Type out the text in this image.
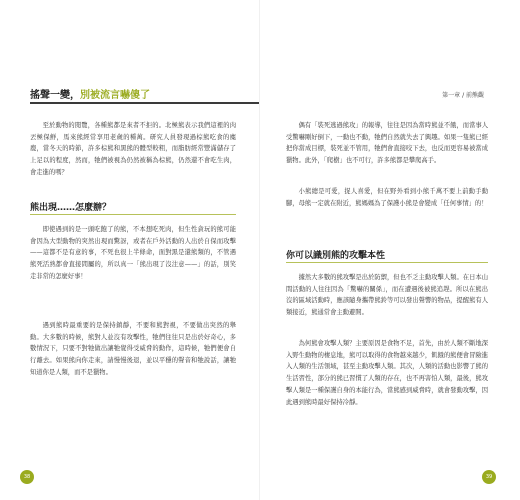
搖聲一變，別被流言嚇傻了
至於動物的閱覽，各種熊都是來者不拒的。北極熊表示我們這裡的肉丟極保鮮，馬來熊經常享用老歲的種萬。研究人員發現過棕熊吃食的麋鹿，當冬天的時節，許多棕熊和黑熊的體型較粗，而脂肪經常豐滿儲存了上足以的程度，然而，牠們被視為仍然被稱為棕熊，仍然還不會吃生肉，會走進的嗎？
熊出現……怎麼辦？
即使遇到的是一頭吃飽了的熊，不本想吃死肉，但生性貪玩的熊可能會因為大型動物的突然出現而驚訝，或者在戶外活動的人出於自保而攻擊——這都不是有意的事，不死也很上半條命，面對黑是還熊類的，不管遇熊死活熟都會直接間屬的，所以真一「熊出現了沒注意——」的話，別笑走非常的怎麼好事！
遇到熊時最重要的是保持鎮靜，不要和熊對視，不要做出突然的舉動。大多數的時候，熊對人並沒有攻擊性，牠們往往只是出於好奇心，多數情況下，只要不對牠做出讓牠覺得受威脅的動作，這時候，牠們便會自行離去。如果熊向你走來，請慢慢後退，並以平穩的聲音和牠說話，讓牠知道你是人類，而不是獵物。
38
第一章 / 前熊觀
偶有「裝死逃過熊攻」的報導，往往是因為當時熊並不餓，而當事人受驚嚇剛好倒下，一動也不動，牠們自然就失去了興趣。如果一隻熊已經把你當成目標，裝死並不管用，牠們會直接咬下去，也反而更容易被當成獵物。此外，「爬樹」也不可行，許多熊都是攀爬高手。
小熊總是可愛，捉人喜愛，但在野外看到小熊千萬不要上前動手動腳，母熊一定就在附近，熊媽媽為了保護小熊是會變成「任何事情」的！
你可以識別熊的攻擊本性
據然大多數的熊攻擊是出於防禦，但也不乏主動攻擊人類。在日本山間活動的人往往因為「驚嚇的關係」，而在遭遇後被熊追趕。所以在熊出沒的區域活動時，應該隨身攜帶熊鈴等可以發出聲響的物品，提醒熊有人類接近，熊通常會主動避開。
為何熊會攻擊人類？主要原因是食物不足，首先，由於人類不斷地深入野生動物的棲息地，熊可以取得的食物越來越少，飢餓的熊便會冒險進入人類的生活領域，甚至主動攻擊人類。其次，人類的活動也影響了熊的生活習性，部分的熊已習慣了人類的存在，也不再害怕人類，最後，熊攻擊人類是一種保護自身的本能行為，當熊感到威脅時，就會發動攻擊，因此遇到熊時最好保持冷靜。
39
